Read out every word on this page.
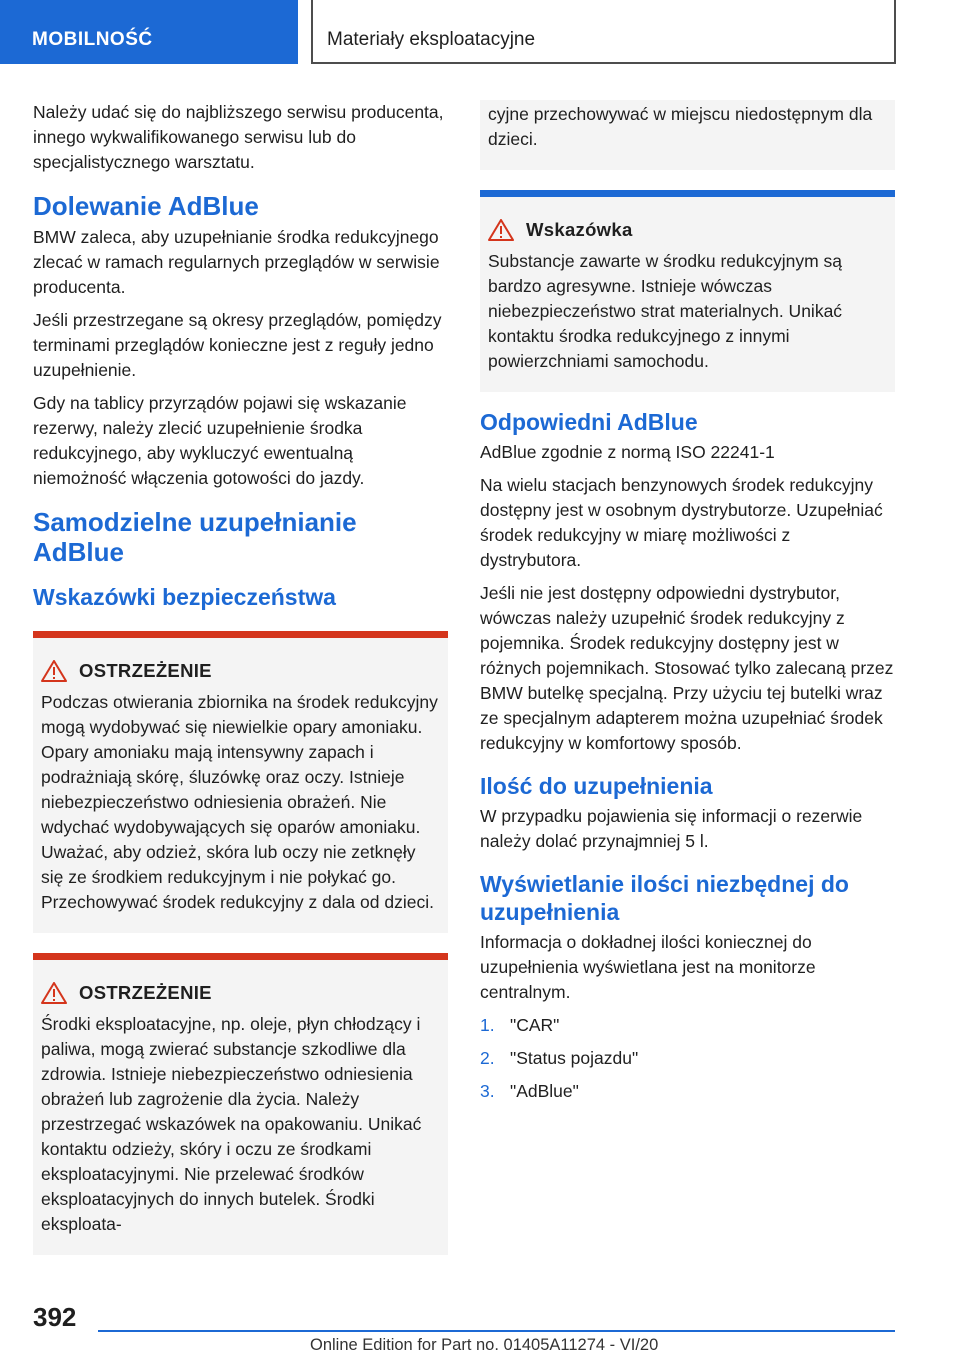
MOBILNOŚĆ	Materiały eksploatacyjne

Należy udać się do najbliższego serwisu producenta, innego wykwalifikowanego serwisu lub do specjalistycznego warsztatu.

Dolewanie AdBlue

BMW zaleca, aby uzupełnianie środka redukcyjnego zlecać w ramach regularnych przeglądów w serwisie producenta.

Jeśli przestrzegane są okresy przeglądów, pomiędzy terminami przeglądów konieczne jest z reguły jedno uzupełnienie.

Gdy na tablicy przyrządów pojawi się wskazanie rezerwy, należy zlecić uzupełnienie środka redukcyjnego, aby wykluczyć ewentualną niemożność włączenia gotowości do jazdy.

Samodzielne uzupełnianie AdBlue
Wskazówki bezpieczeństwa
OSTRZEŻENIE

Podczas otwierania zbiornika na środek redukcyjny mogą wydobywać się niewielkie opary amoniaku. Opary amoniaku mają intensywny zapach i podrażniają skórę, śluzówkę oraz oczy. Istnieje niebezpieczeństwo odniesienia obrażeń. Nie wdychać wydobywających się oparów amoniaku. Uważać, aby odzież, skóra lub oczy nie zetknęły się ze środkiem redukcyjnym i nie połykać go. Przechowywać środek redukcyjny z dala od dzieci.

OSTRZEŻENIE

Środki eksploatacyjne, np. oleje, płyn chłodzący i paliwa, mogą zwierać substancje szkodliwe dla zdrowia. Istnieje niebezpieczeństwo odniesienia obrażeń lub zagrożenie dla życia. Należy przestrzegać wskazówek na opakowaniu. Unikać kontaktu odzieży, skóry i oczu ze środkami eksploatacyjnymi. Nie przelewać środków eksploatacyjnych do innych butelek. Środki eksploata-

cyjne przechowywać w miejscu niedostępnym dla dzieci.

Wskazówka

Substancje zawarte w środku redukcyjnym są bardzo agresywne. Istnieje wówczas niebezpieczeństwo strat materialnych. Unikać kontaktu środka redukcyjnego z innymi powierzchniami samochodu.

Odpowiedni AdBlue

AdBlue zgodnie z normą ISO 22241-1

Na wielu stacjach benzynowych środek redukcyjny dostępny jest w osobnym dystrybutorze. Uzupełniać środek redukcyjny w miarę możliwości z dystrybutora.

Jeśli nie jest dostępny odpowiedni dystrybutor, wówczas należy uzupełnić środek redukcyjny z pojemnika. Środek redukcyjny dostępny jest w różnych pojemnikach. Stosować tylko zalecaną przez BMW butelkę specjalną. Przy użyciu tej butelki wraz ze specjalnym adapterem można uzupełniać środek redukcyjny w komfortowy sposób.

Ilość do uzupełnienia

W przypadku pojawienia się informacji o rezerwie należy dolać przynajmniej 5 l.

Wyświetlanie ilości niezbędnej do uzupełnienia

Informacja o dokładnej ilości koniecznej do uzupełnienia wyświetlana jest na monitorze centralnym.

1. "CAR"
2. "Status pojazdu"
3. "AdBlue"
392
Online Edition for Part no. 01405A11274 - VI/20
